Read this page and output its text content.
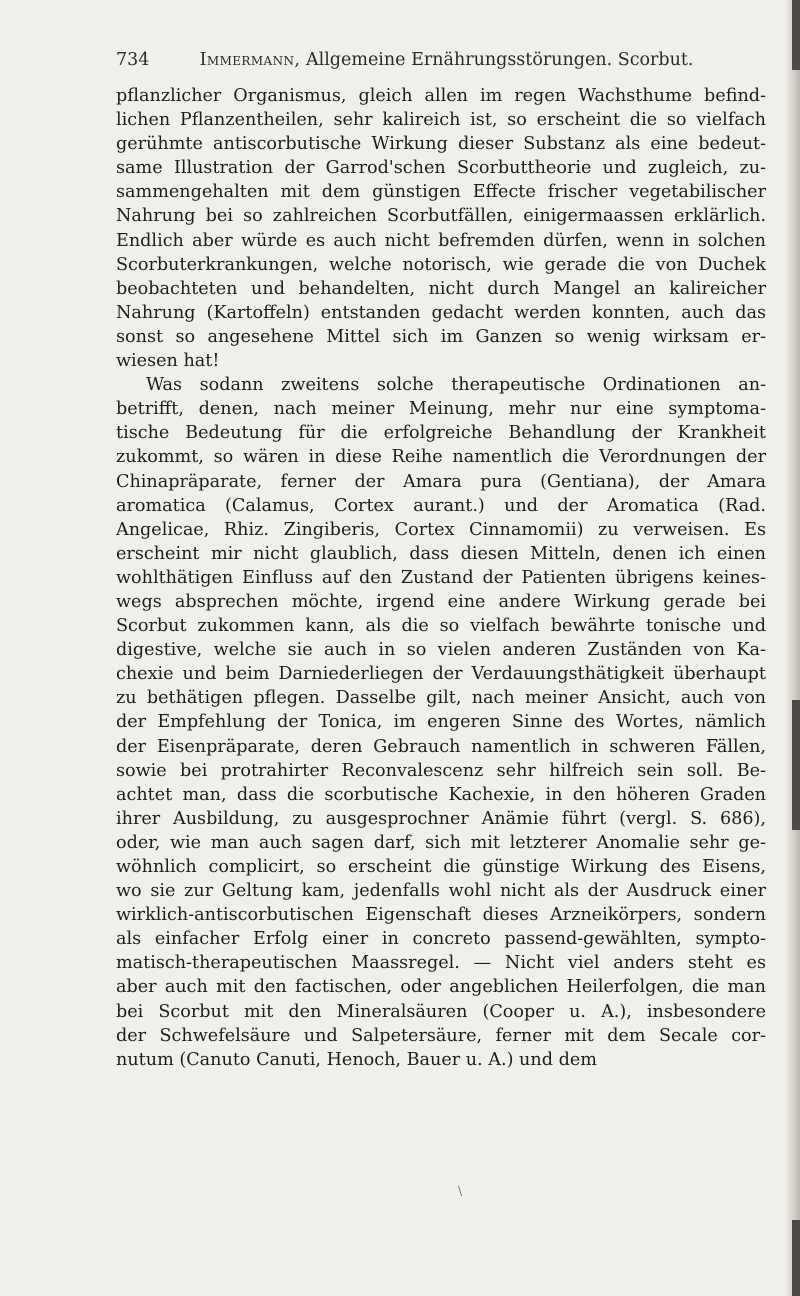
734	Immermann, Allgemeine Ernährungsstörungen. Scorbut.
pflanzlicher Organismus, gleich allen im regen Wachsthume befind-
lichen Pflanzentheilen, sehr kalireich ist, so erscheint die so vielfach
gerühmte antiscorbutische Wirkung dieser Substanz als eine bedeut-
same Illustration der Garrod'schen Scorbuttheorie und zugleich, zu-
sammengehalten mit dem günstigen Effecte frischer vegetabilischer
Nahrung bei so zahlreichen Scorbutfällen, einigermaassen erklärlich.
Endlich aber würde es auch nicht befremden dürfen, wenn in solchen
Scorbuterkrankungen, welche notorisch, wie gerade die von Duchek
beobachteten und behandelten, nicht durch Mangel an kalireicher
Nahrung (Kartoffeln) entstanden gedacht werden konnten, auch das
sonst so angesehene Mittel sich im Ganzen so wenig wirksam er-
wiesen hat!
Was sodann zweitens solche therapeutische Ordinationen an-
betrifft, denen, nach meiner Meinung, mehr nur eine symptoma-
tische Bedeutung für die erfolgreiche Behandlung der Krankheit
zukommt, so wären in diese Reihe namentlich die Verordnungen der
Chinapräparate, ferner der Amara pura (Gentiana), der Amara
aromatica (Calamus, Cortex aurant.) und der Aromatica (Rad.
Angelicae, Rhiz. Zingiberis, Cortex Cinnamomii) zu verweisen. Es
erscheint mir nicht glaublich, dass diesen Mitteln, denen ich einen
wohlthätigen Einfluss auf den Zustand der Patienten übrigens keines-
wegs absprechen möchte, irgend eine andere Wirkung gerade bei
Scorbut zukommen kann, als die so vielfach bewährte tonische und
digestive, welche sie auch in so vielen anderen Zuständen von Ka-
chexie und beim Darniederliegen der Verdauungsthätigkeit überhaupt
zu bethätigen pflegen. Dasselbe gilt, nach meiner Ansicht, auch von
der Empfehlung der Tonica, im engeren Sinne des Wortes, nämlich
der Eisenpräparate, deren Gebrauch namentlich in schweren Fällen,
sowie bei protrahirter Reconvalescenz sehr hilfreich sein soll. Be-
achtet man, dass die scorbutische Kachexie, in den höheren Graden
ihrer Ausbildung, zu ausgesprochner Anämie führt (vergl. S. 686),
oder, wie man auch sagen darf, sich mit letzterer Anomalie sehr ge-
wöhnlich complicirt, so erscheint die günstige Wirkung des Eisens,
wo sie zur Geltung kam, jedenfalls wohl nicht als der Ausdruck einer
wirklich-antiscorbutischen Eigenschaft dieses Arzneikörpers, sondern
als einfacher Erfolg einer in concreto passend-gewählten, sympto-
matisch-therapeutischen Maassregel. — Nicht viel anders steht es
aber auch mit den factischen, oder angeblichen Heilerfolgen, die man
bei Scorbut mit den Mineralsäuren (Cooper u. A.), insbesondere
der Schwefelsäure und Salpetersäure, ferner mit dem Secale cor-
nutum (Canuto Canuti, Henoch, Bauer u. A.) und dem
\
